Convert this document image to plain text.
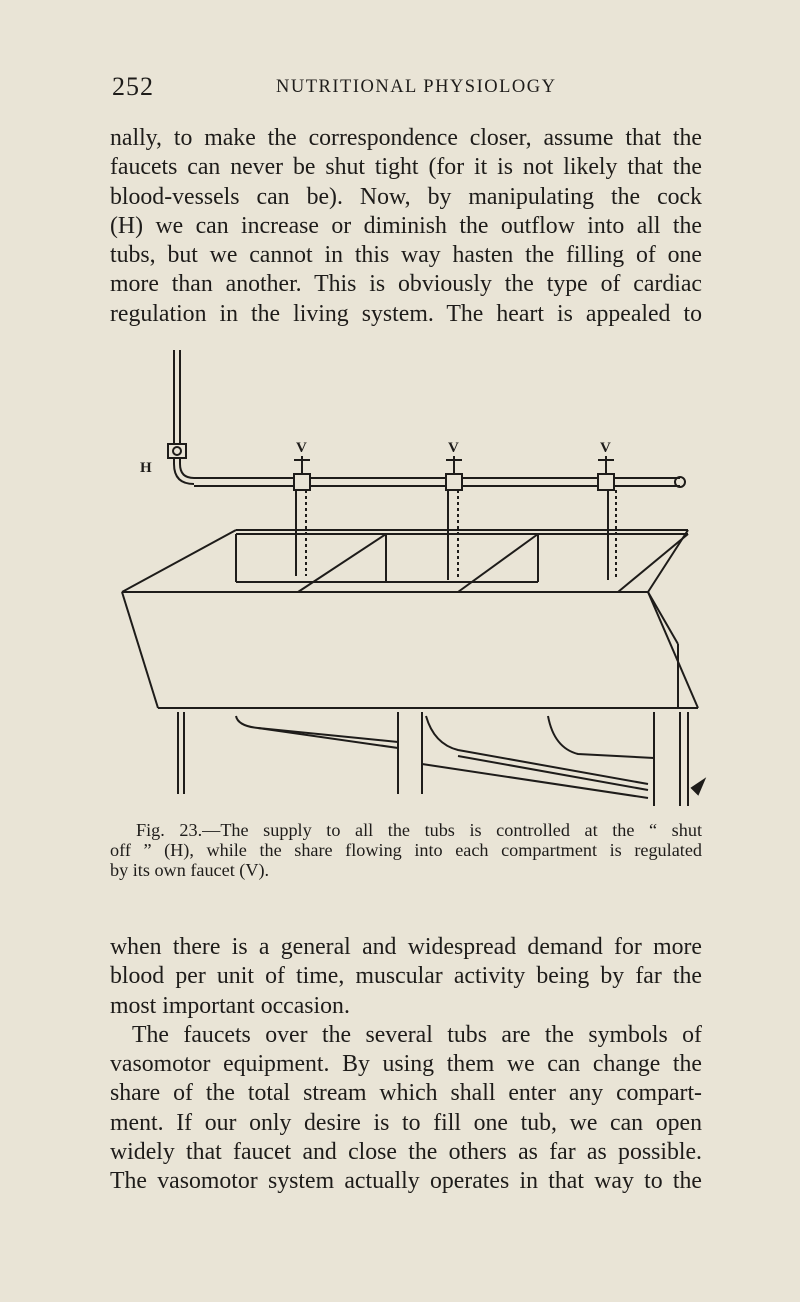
252	NUTRITIONAL PHYSIOLOGY

nally, to make the correspondence closer, assume that the
faucets can never be shut tight (for it is not likely that the
blood-vessels can be). Now, by manipulating the cock
(H) we can increase or diminish the outflow into all the
tubs, but we cannot in this way hasten the filling of one
more than another. This is obviously the type of cardiac
regulation in the living system. The heart is appealed to

H
V	V	V

Fig. 23.—The supply to all the tubs is controlled at the “ shut
off ” (H), while the share flowing into each compartment is regulated
by its own faucet (V).

when there is a general and widespread demand for more
blood per unit of time, muscular activity being by far the
most important occasion.
The faucets over the several tubs are the symbols of
vasomotor equipment. By using them we can change the
share of the total stream which shall enter any compart-
ment. If our only desire is to fill one tub, we can open
widely that faucet and close the others as far as possible.
The vasomotor system actually operates in that way to the
